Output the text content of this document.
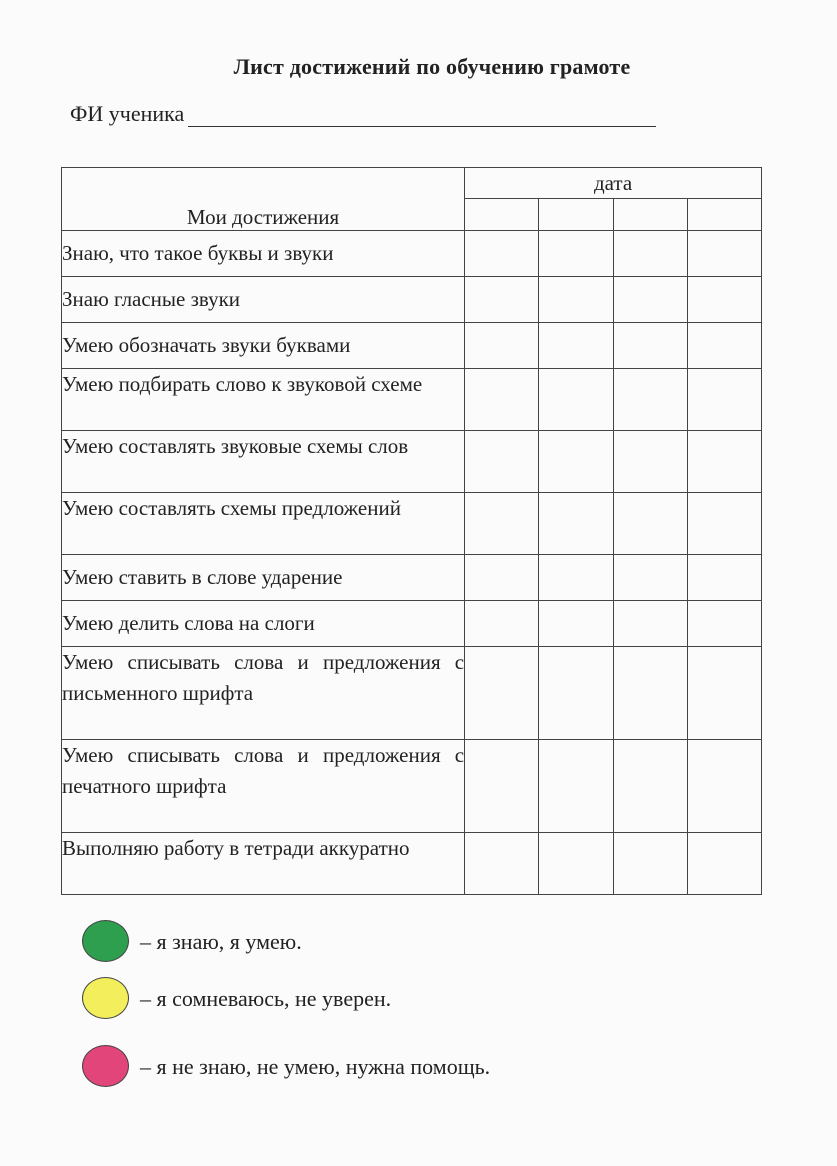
Лист достижений по обучению грамоте
ФИ ученика
Мои достижения	дата			

Знаю, что такое буквы и звуки				
Знаю гласные звуки				
Умею обозначать звуки буквами				
Умею подбирать слово к звуковой схеме				
Умею составлять звуковые схемы слов				
Умею составлять схемы предложений				
Умею ставить в слове ударение				
Умею делить слова на слоги				
Умею списывать слова и предложения с письменного шрифта				
Умею списывать слова и предложения с печатного шрифта				
Выполняю работу в тетради аккуратно				
– я знаю, я умею.
– я сомневаюсь, не уверен.
– я не знаю, не умею, нужна помощь.
